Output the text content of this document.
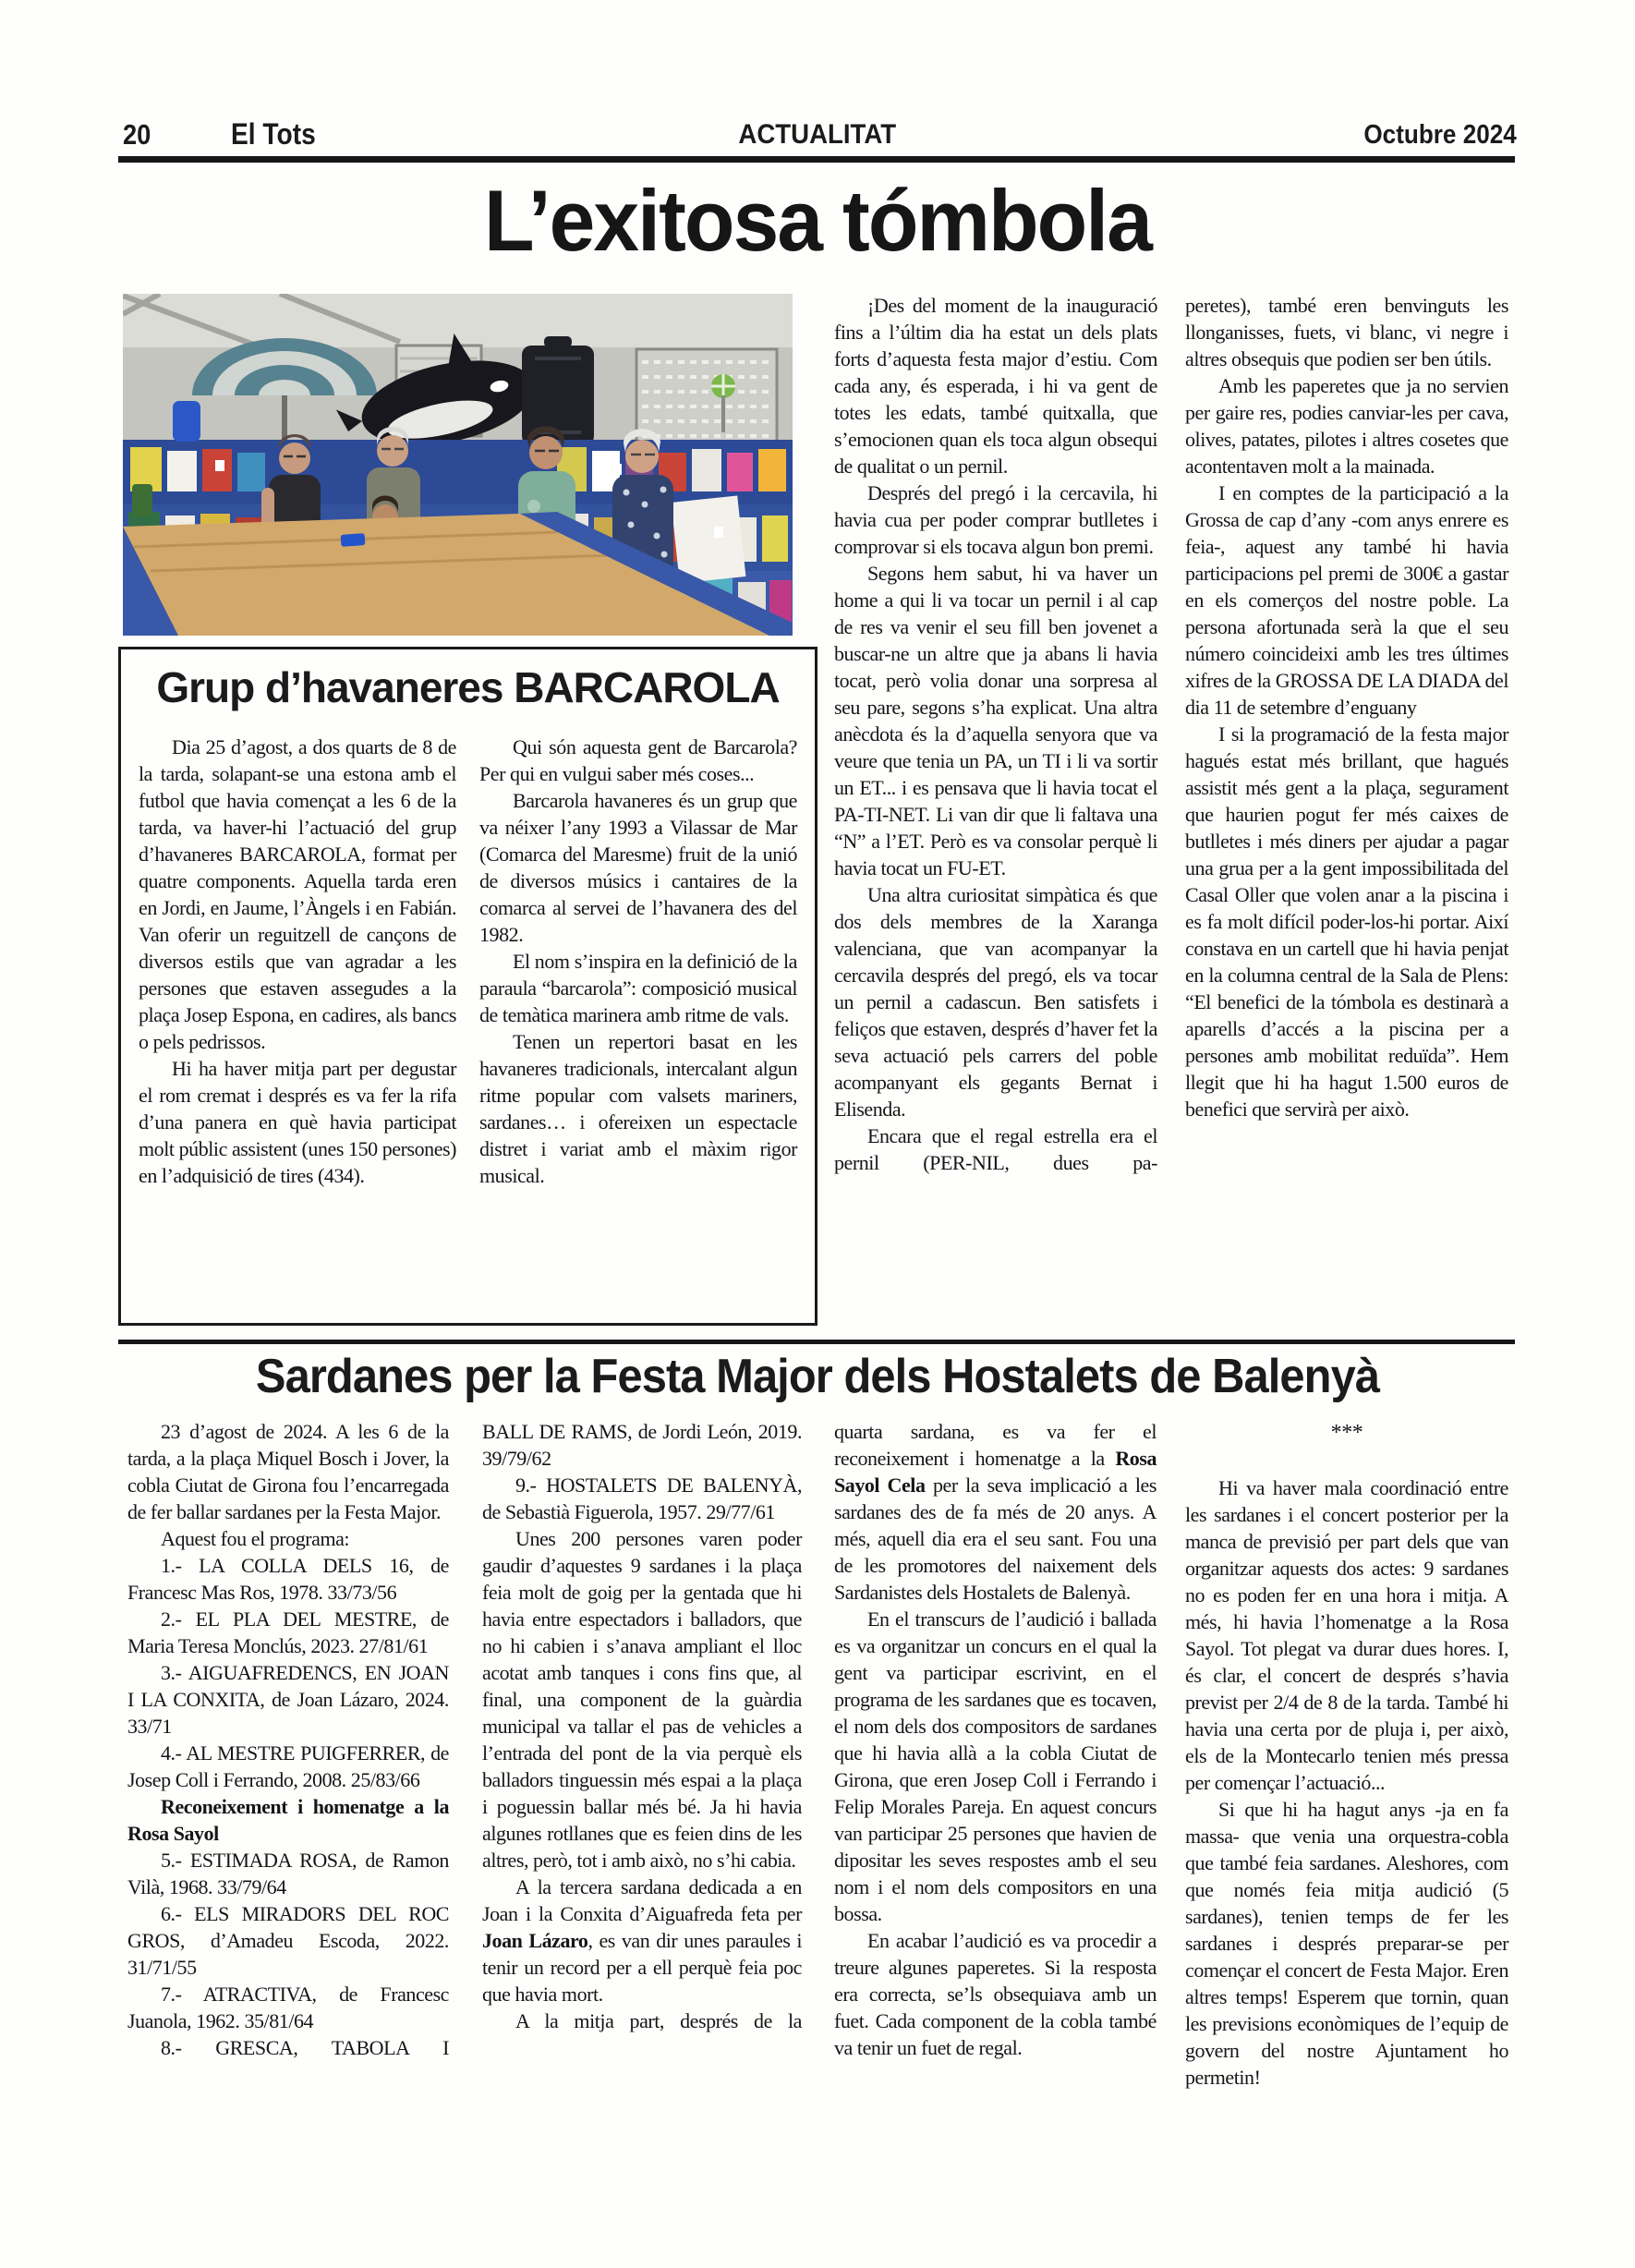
20	El Tots	ACTUALITAT	Octubre 2024
L’exitosa tómbola

¡Des del moment de la inauguració fins a l’últim dia ha estat un dels plats forts d’aquesta festa major d’estiu. Com cada any, és esperada, i hi va gent de totes les edats, també quitxalla, que s’emocionen quan els toca algun obsequi de qualitat o un pernil.

Després del pregó i la cercavila, hi havia cua per poder comprar butlletes i comprovar si els tocava algun bon premi.

Segons hem sabut, hi va haver un home a qui li va tocar un pernil i al cap de res va venir el seu fill ben jovenet a buscar-ne un altre que ja abans li havia tocat, però volia donar una sorpresa al seu pare, segons s’ha explicat. Una altra anècdota és la d’aquella senyora que va veure que tenia un PA, un TI i li va sortir un ET... i es pensava que li havia tocat el PA-TI-NET. Li van dir que li faltava una “N” a l’ET. Però es va consolar perquè li havia tocat un FU-ET.

Una altra curiositat simpàtica és que dos dels membres de la Xaranga valenciana, que van acompanyar la cercavila després del pregó, els va tocar un pernil a cadascun. Ben satisfets i feliços que estaven, després d’haver fet la seva actuació pels carrers del poble acompanyant els gegants Bernat i Elisenda.

Encara que el regal estrella era el pernil (PER-NIL, dues pa-

peretes), també eren benvinguts les llonganisses, fuets, vi blanc, vi negre i altres obsequis que podien ser ben útils.

Amb les paperetes que ja no servien per gaire res, podies canviar-les per cava, olives, patates, pilotes i altres cosetes que acontentaven molt a la mainada.

I en comptes de la participació a la Grossa de cap d’any -com anys enrere es feia-, aquest any també hi havia participacions pel premi de 300€ a gastar en els comerços del nostre poble. La persona afortunada serà la que el seu número coincideixi amb les tres últimes xifres de la GROSSA DE LA DIADA del dia 11 de setembre d’enguany

I si la programació de la festa major hagués estat més brillant, que hagués assistit més gent a la plaça, segurament que haurien pogut fer més caixes de butlletes i més diners per ajudar a pagar una grua per a la gent impossibilitada del Casal Oller que volen anar a la piscina i es fa molt difícil poder-los-hi portar. Així constava en un cartell que hi havia penjat en la columna central de la Sala de Plens: “El benefici de la tómbola es destinarà a aparells d’accés a la piscina per a persones amb mobilitat reduïda”. Hem llegit que hi ha hagut 1.500 euros de benefici que servirà per això.

Grup d’havaneres BARCAROLA

Dia 25 d’agost, a dos quarts de 8 de la tarda, solapant-se una estona amb el futbol que havia començat a les 6 de la tarda, va haver-hi l’actuació del grup d’havaneres BARCAROLA, format per quatre components. Aquella tarda eren en Jordi, en Jaume, l’Àngels i en Fabián. Van oferir un reguitzell de cançons de diversos estils que van agradar a les persones que estaven assegudes a la plaça Josep Espona, en cadires, als bancs o pels pedrissos.

Hi ha haver mitja part per degustar el rom cremat i després es va fer la rifa d’una panera en què havia participat molt públic assistent (unes 150 persones) en l’adquisició de tires (434).

Qui són aquesta gent de Barcarola? Per qui en vulgui saber més coses...

Barcarola havaneres és un grup que va néixer l’any 1993 a Vilassar de Mar (Comarca del Maresme) fruit de la unió de diversos músics i cantaires de la comarca al servei de l’havanera des del 1982.

El nom s’inspira en la definició de la paraula “barcarola”: composició musical de temàtica marinera amb ritme de vals.

Tenen un repertori basat en les havaneres tradicionals, intercalant algun ritme popular com valsets mariners, sardanes… i ofereixen un espectacle distret i variat amb el màxim rigor musical.

Sardanes per la Festa Major dels Hostalets de Balenyà

23 d’agost de 2024. A les 6 de la tarda, a la plaça Miquel Bosch i Jover, la cobla Ciutat de Girona fou l’encarregada de fer ballar sardanes per la Festa Major.

Aquest fou el programa:

1.- LA COLLA DELS 16, de Francesc Mas Ros, 1978. 33/73/56

2.- EL PLA DEL MESTRE, de Maria Teresa Monclús, 2023. 27/81/61

3.- AIGUAFREDENCS, EN JOAN I LA CONXITA, de Joan Lázaro, 2024. 33/71

4.- AL MESTRE PUIGFERRER, de Josep Coll i Ferrando, 2008. 25/83/66

Reconeixement i homenatge a la Rosa Sayol

5.- ESTIMADA ROSA, de Ramon Vilà, 1968. 33/79/64

6.- ELS MIRADORS DEL ROC GROS, d’Amadeu Escoda, 2022. 31/71/55

7.- ATRACTIVA, de Francesc Juanola, 1962. 35/81/64

8.- GRESCA, TABOLA I

BALL DE RAMS, de Jordi León, 2019. 39/79/62

9.- HOSTALETS DE BALENYÀ, de Sebastià Figuerola, 1957. 29/77/61

Unes 200 persones varen poder gaudir d’aquestes 9 sardanes i la plaça feia molt de goig per la gentada que hi havia entre espectadors i balladors, que no hi cabien i s’anava ampliant el lloc acotat amb tanques i cons fins que, al final, una component de la guàrdia municipal va tallar el pas de vehicles a l’entrada del pont de la via perquè els balladors tinguessin més espai a la plaça i poguessin ballar més bé. Ja hi havia algunes rotllanes que es feien dins de les altres, però, tot i amb això, no s’hi cabia.

A la tercera sardana dedicada a en Joan i la Conxita d’Aiguafreda feta per Joan Lázaro, es van dir unes paraules i tenir un record per a ell perquè feia poc que havia mort.

A la mitja part, després de la

quarta sardana, es va fer el reconeixement i homenatge a la Rosa Sayol Cela per la seva implicació a les sardanes des de fa més de 20 anys. A més, aquell dia era el seu sant. Fou una de les promotores del naixement dels Sardanistes dels Hostalets de Balenyà.

En el transcurs de l’audició i ballada es va organitzar un concurs en el qual la gent va participar escrivint, en el programa de les sardanes que es tocaven, el nom dels dos compositors de sardanes que hi havia allà a la cobla Ciutat de Girona, que eren Josep Coll i Ferrando i Felip Morales Pareja. En aquest concurs van participar 25 persones que havien de dipositar les seves respostes amb el seu nom i el nom dels compositors en una bossa.

En acabar l’audició es va procedir a treure algunes paperetes. Si la resposta era correcta, se’ls obsequiava amb un fuet. Cada component de la cobla també va tenir un fuet de regal.

***

Hi va haver mala coordinació entre les sardanes i el concert posterior per la manca de previsió per part dels que van organitzar aquests dos actes: 9 sardanes no es poden fer en una hora i mitja. A més, hi havia l’homenatge a la Rosa Sayol. Tot plegat va durar dues hores. I, és clar, el concert de després s’havia previst per 2/4 de 8 de la tarda. També hi havia una certa por de pluja i, per això, els de la Montecarlo tenien més pressa per començar l’actuació...

Si que hi ha hagut anys -ja en fa massa- que venia una orquestra-cobla que també feia sardanes. Aleshores, com que només feia mitja audició (5 sardanes), tenien temps de fer les sardanes i després preparar-se per començar el concert de Festa Major. Eren altres temps! Esperem que tornin, quan les previsions econòmiques de l’equip de govern del nostre Ajuntament ho permetin!
